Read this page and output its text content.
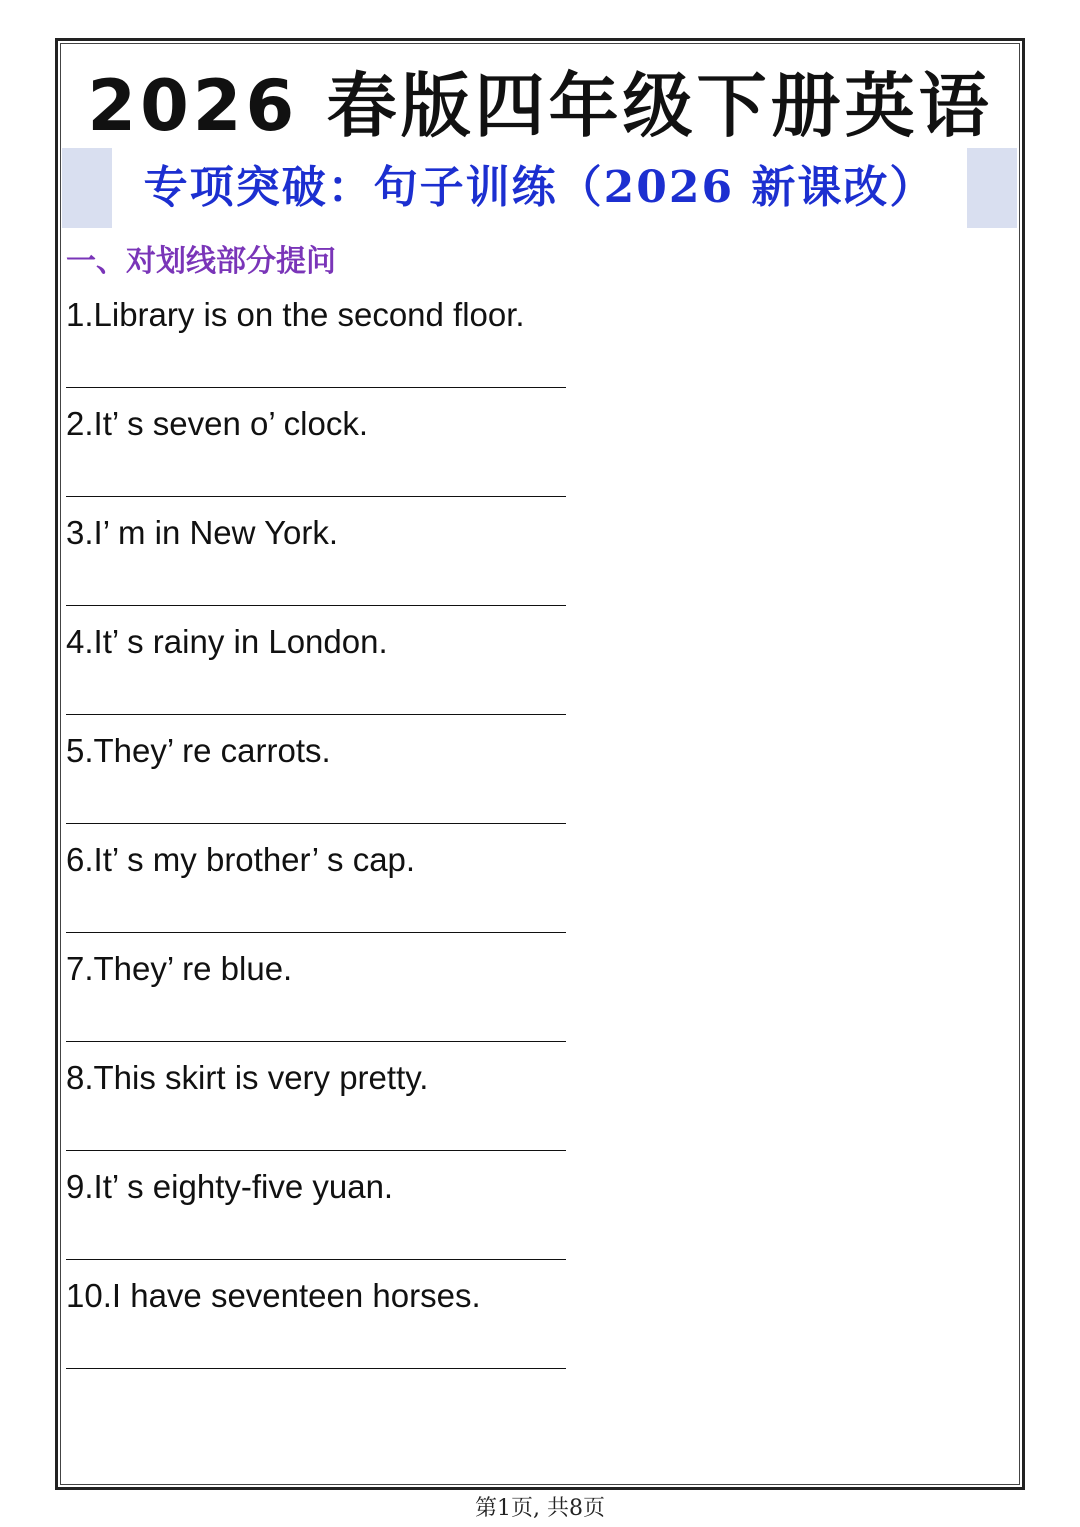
2026 春版四年级下册英语
专项突破：句子训练（2026 新课改）
一、对划线部分提问
1.Library is on the second floor.
2.It’ s seven o’ clock.
3.I’ m in New York.
4.It’ s rainy in London.
5.They’ re carrots.
6.It’ s my brother’ s cap.
7.They’ re blue.
8.This skirt is very pretty.
9.It’ s eighty-five yuan.
10.I have seventeen horses.
第1页, 共8页
